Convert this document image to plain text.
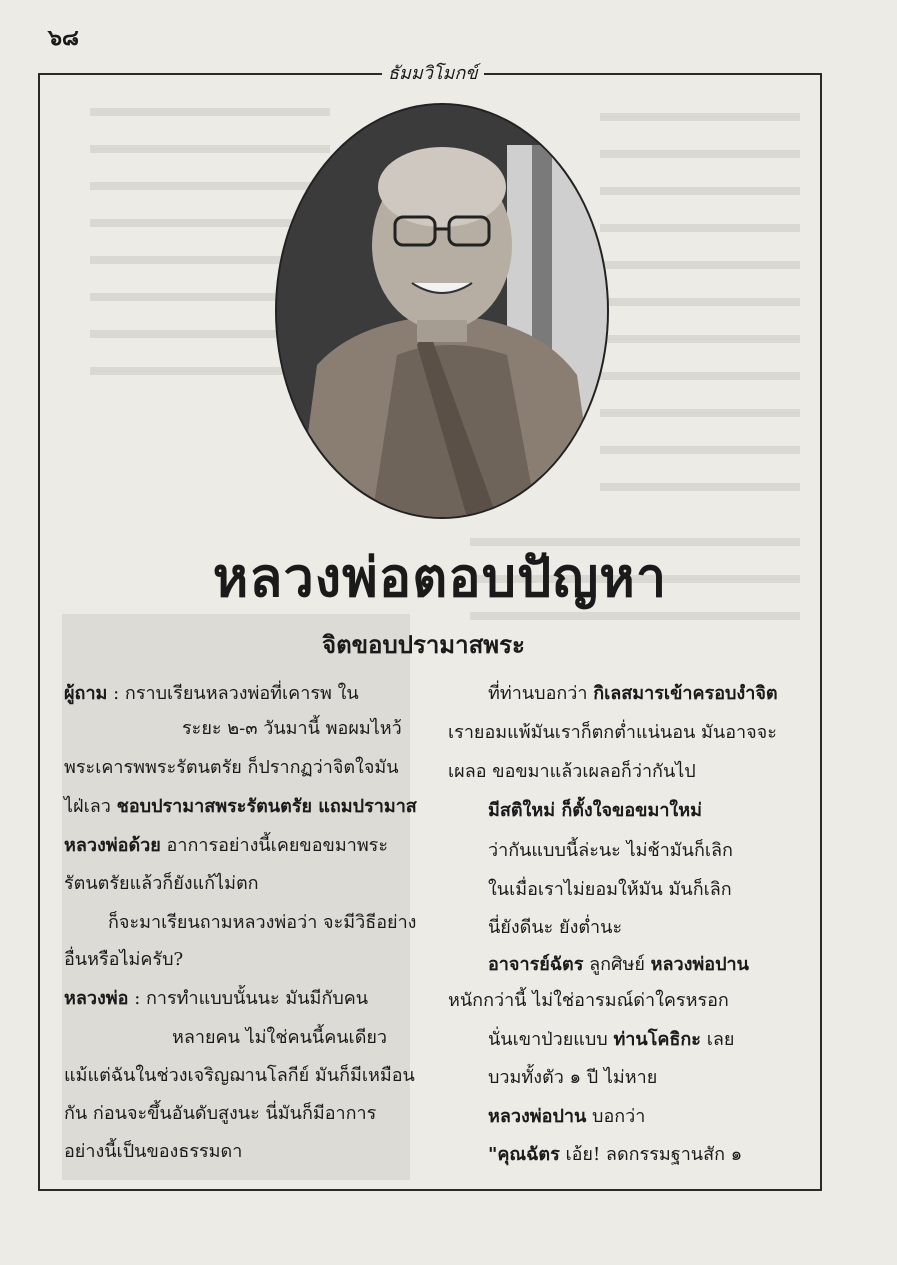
๖๘
ธัมมวิโมกข์
หลวงพ่อตอบปัญหา
จิตขอบปรามาสพระ
ผู้ถาม : กราบเรียนหลวงพ่อที่เคารพ ใน
ระยะ ๒-๓ วันมานี้ พอผมไหว้
พระเคารพพระรัตนตรัย ก็ปรากฏว่าจิตใจมัน
ไฝ่เลว ชอบปรามาสพระรัตนตรัย แถมปรามาส
หลวงพ่อด้วย อาการอย่างนี้เคยขอขมาพระ
รัตนตรัยแล้วก็ยังแก้ไม่ตก
ก็จะมาเรียนถามหลวงพ่อว่า จะมีวิธีอย่าง
อื่นหรือไม่ครับ?
หลวงพ่อ : การทำแบบนั้นนะ มันมีกับคน
หลายคน ไม่ใช่คนนี้คนเดียว
แม้แต่ฉันในช่วงเจริญฌานโลกีย์ มันก็มีเหมือน
กัน ก่อนจะขึ้นอันดับสูงนะ นี่มันก็มีอาการ
อย่างนี้เป็นของธรรมดา
ที่ท่านบอกว่า กิเลสมารเข้าครอบงำจิต
เรายอมแพ้มันเราก็ตกต่ำแน่นอน มันอาจจะ
เผลอ ขอขมาแล้วเผลอก็ว่ากันไป
มีสติใหม่ ก็ตั้งใจขอขมาใหม่
ว่ากันแบบนี้ล่ะนะ ไม่ช้ามันก็เลิก
ในเมื่อเราไม่ยอมให้มัน มันก็เลิก
นี่ยังดีนะ ยังต่ำนะ
อาจารย์ฉัตร ลูกศิษย์ หลวงพ่อปาน
หนักกว่านี้ ไม่ใช่อารมณ์ด่าใครหรอก
นั่นเขาป่วยแบบ ท่านโคธิกะ เลย
บวมทั้งตัว ๑ ปี ไม่หาย
หลวงพ่อปาน บอกว่า
"คุณฉัตร เอ้ย! ลดกรรมฐานสัก ๑
